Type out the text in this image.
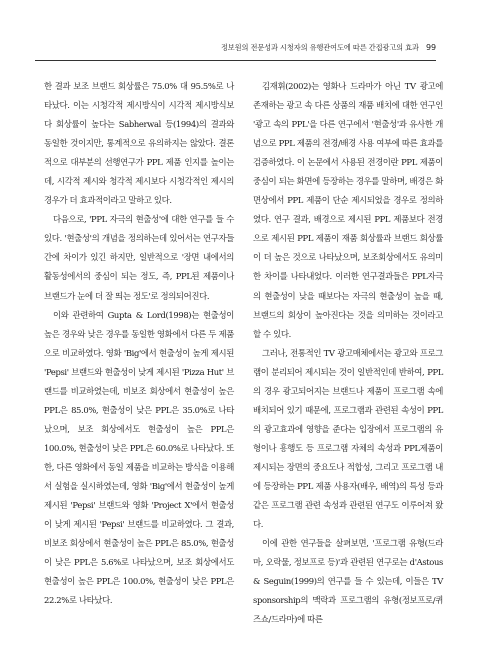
정보원의 전문성과 시청자의 유행관여도에 따른 간접광고의 효과 99

한 결과 보조 브랜드 회상률은 75.0% 대 95.5%로 나타났다. 이는 시청각적 제시방식이 시각적 제시방식보다 회상률이 높다는 Sabherwal 등(1994)의 결과와 동일한 것이지만, 통계적으로 유의하지는 않았다. 결론적으로 대부분의 선행연구가 PPL 제품 인지를 높이는데, 시각적 제시와 청각적 제시보다 시청각적인 제시의 경우가 더 효과적이라고 말하고 있다.

다음으로, 'PPL 자극의 현출성'에 대한 연구를 들 수 있다. '현출성'의 개념을 정의하는데 있어서는 연구자들 간에 차이가 있긴 하지만, 일반적으로 '장면 내에서의 활동성에서의 중심이 되는 정도, 즉, PPL된 제품이나 브랜드가 눈에 더 잘 띄는 정도'로 정의되어진다.

이와 관련하여 Gupta & Lord(1998)는 현출성이 높은 경우와 낮은 경우를 동일한 영화에서 다른 두 제품으로 비교하였다. 영화 'Big'에서 현출성이 높게 제시된 'Pepsi' 브랜드와 현출성이 낮게 제시된 'Pizza Hut' 브랜드를 비교하였는데, 비보조 회상에서 현출성이 높은 PPL은 85.0%, 현출성이 낮은 PPL은 35.0%로 나타났으며, 보조 회상에서도 현출성이 높은 PPL은 100.0%, 현출성이 낮은 PPL은 60.0%로 나타났다. 또한, 다른 영화에서 동일 제품을 비교하는 방식을 이용해서 실험을 실시하였는데, 영화 'Big'에서 현출성이 높게 제시된 'Pepsi' 브랜드와 영화 'Project X'에서 현출성이 낮게 제시된 'Pepsi' 브랜드를 비교하였다. 그 결과, 비보조 회상에서 현출성이 높은 PPL은 85.0%, 현출성이 낮은 PPL은 5.6%로 나타났으며, 보조 회상에서도 현출성이 높은 PPL은 100.0%, 현출성이 낮은 PPL은 22.2%로 나타났다.

김재휘(2002)는 영화나 드라마가 아닌 TV 광고에 존재하는 광고 속 다른 상품의 재품 배치에 대한 연구인 '광고 속의 PPL'을 다른 연구에서 '현출성'과 유사한 개념으로 PPL 제품의 전경/배경 사용 여부에 따른 효과를 검증하였다. 이 논문에서 사용된 전경이란 PPL 제품이 중심이 되는 화면에 등장하는 경우를 말하며, 배경은 화면상에서 PPL 제품이 단순 제시되었을 경우로 정의하였다. 연구 결과, 배경으로 제시된 PPL 제품보다 전경으로 제시된 PPL 제품이 재품 회상률과 브랜드 회상률이 더 높은 것으로 나타났으며, 보조회상에서도 유의미한 차이를 나타내었다. 이러한 연구결과들은 PPL자극의 현출성이 낮을 때보다는 자극의 현출성이 높을 때, 브랜드의 회상이 높아진다는 것을 의미하는 것이라고 할 수 있다.

그러나, 전통적인 TV 광고매체에서는 광고와 프로그램이 분리되어 제시되는 것이 일반적인데 반하여, PPL의 경우 광고되어지는 브랜드나 제품이 프로그램 속에 배치되어 있기 때문에, 프로그램과 관련된 속성이 PPL의 광고효과에 영향을 준다는 입장에서 프로그램의 유형이나 흥행도 등 프로그램 자체의 속성과 PPL제품이 제시되는 장면의 중요도나 적합성, 그리고 프로그램 내에 등장하는 PPL 제품 사용자(배우, 배역)의 특성 등과 같은 프로그램 관련 속성과 관련된 연구도 이루어져 왔다.

이에 관한 연구들을 살펴보면, '프로그램 유형(드라마, 오락물, 정보프로 등)'과 관련된 연구로는 d'Astous & Seguin(1999)의 연구를 들 수 있는데, 이들은 TV sponsorship의 맥락과 프로그램의 유형(정보프로/퀴즈쇼/드라마)에 따른
